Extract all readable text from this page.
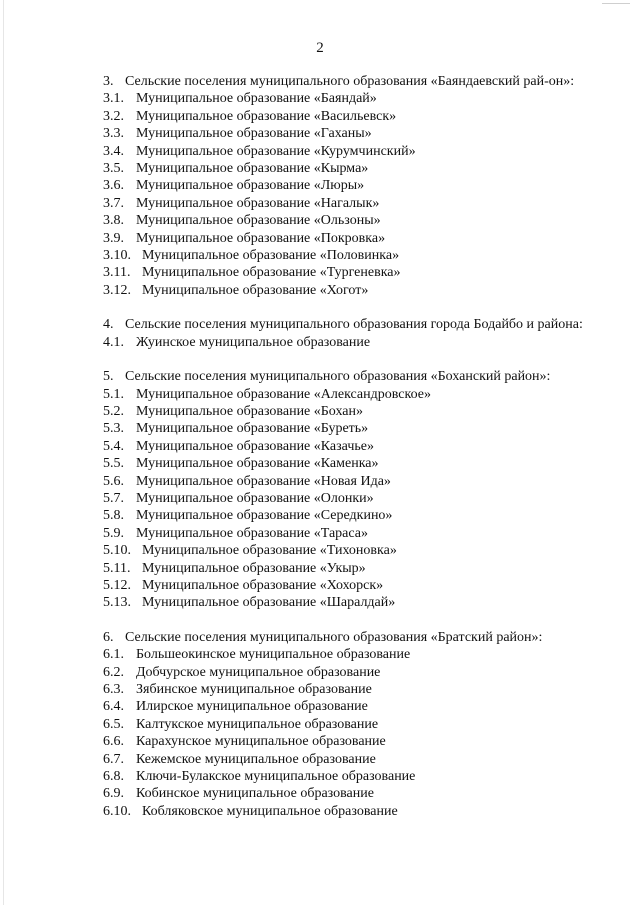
2
3. Сельские поселения муниципального образования «Баяндаевский рай-он»:
3.1. Муниципальное образование «Баяндай»
3.2. Муниципальное образование «Васильевск»
3.3. Муниципальное образование «Гаханы»
3.4. Муниципальное образование «Курумчинский»
3.5. Муниципальное образование «Кырма»
3.6. Муниципальное образование «Люры»
3.7. Муниципальное образование «Нагалык»
3.8. Муниципальное образование «Ользоны»
3.9. Муниципальное образование «Покровка»
3.10. Муниципальное образование «Половинка»
3.11. Муниципальное образование «Тургеневка»
3.12. Муниципальное образование «Хогот»
4. Сельские поселения муниципального образования города Бодайбо и района:
4.1. Жуинское муниципальное образование
5. Сельские поселения муниципального образования «Боханский район»:
5.1. Муниципальное образование «Александровское»
5.2. Муниципальное образование «Бохан»
5.3. Муниципальное образование «Буреть»
5.4. Муниципальное образование «Казачье»
5.5. Муниципальное образование «Каменка»
5.6. Муниципальное образование «Новая Ида»
5.7. Муниципальное образование «Олонки»
5.8. Муниципальное образование «Середкино»
5.9. Муниципальное образование «Тараса»
5.10. Муниципальное образование «Тихоновка»
5.11. Муниципальное образование «Укыр»
5.12. Муниципальное образование «Хохорск»
5.13. Муниципальное образование «Шаралдай»
6. Сельские поселения муниципального образования «Братский район»:
6.1. Большеокинское муниципальное образование
6.2. Добчурское муниципальное образование
6.3. Зябинское муниципальное образование
6.4. Илирское муниципальное образование
6.5. Калтукское муниципальное образование
6.6. Карахунское муниципальное образование
6.7. Кежемское муниципальное образование
6.8. Ключи-Булакское муниципальное образование
6.9. Кобинское муниципальное образование
6.10. Кобляковское муниципальное образование
